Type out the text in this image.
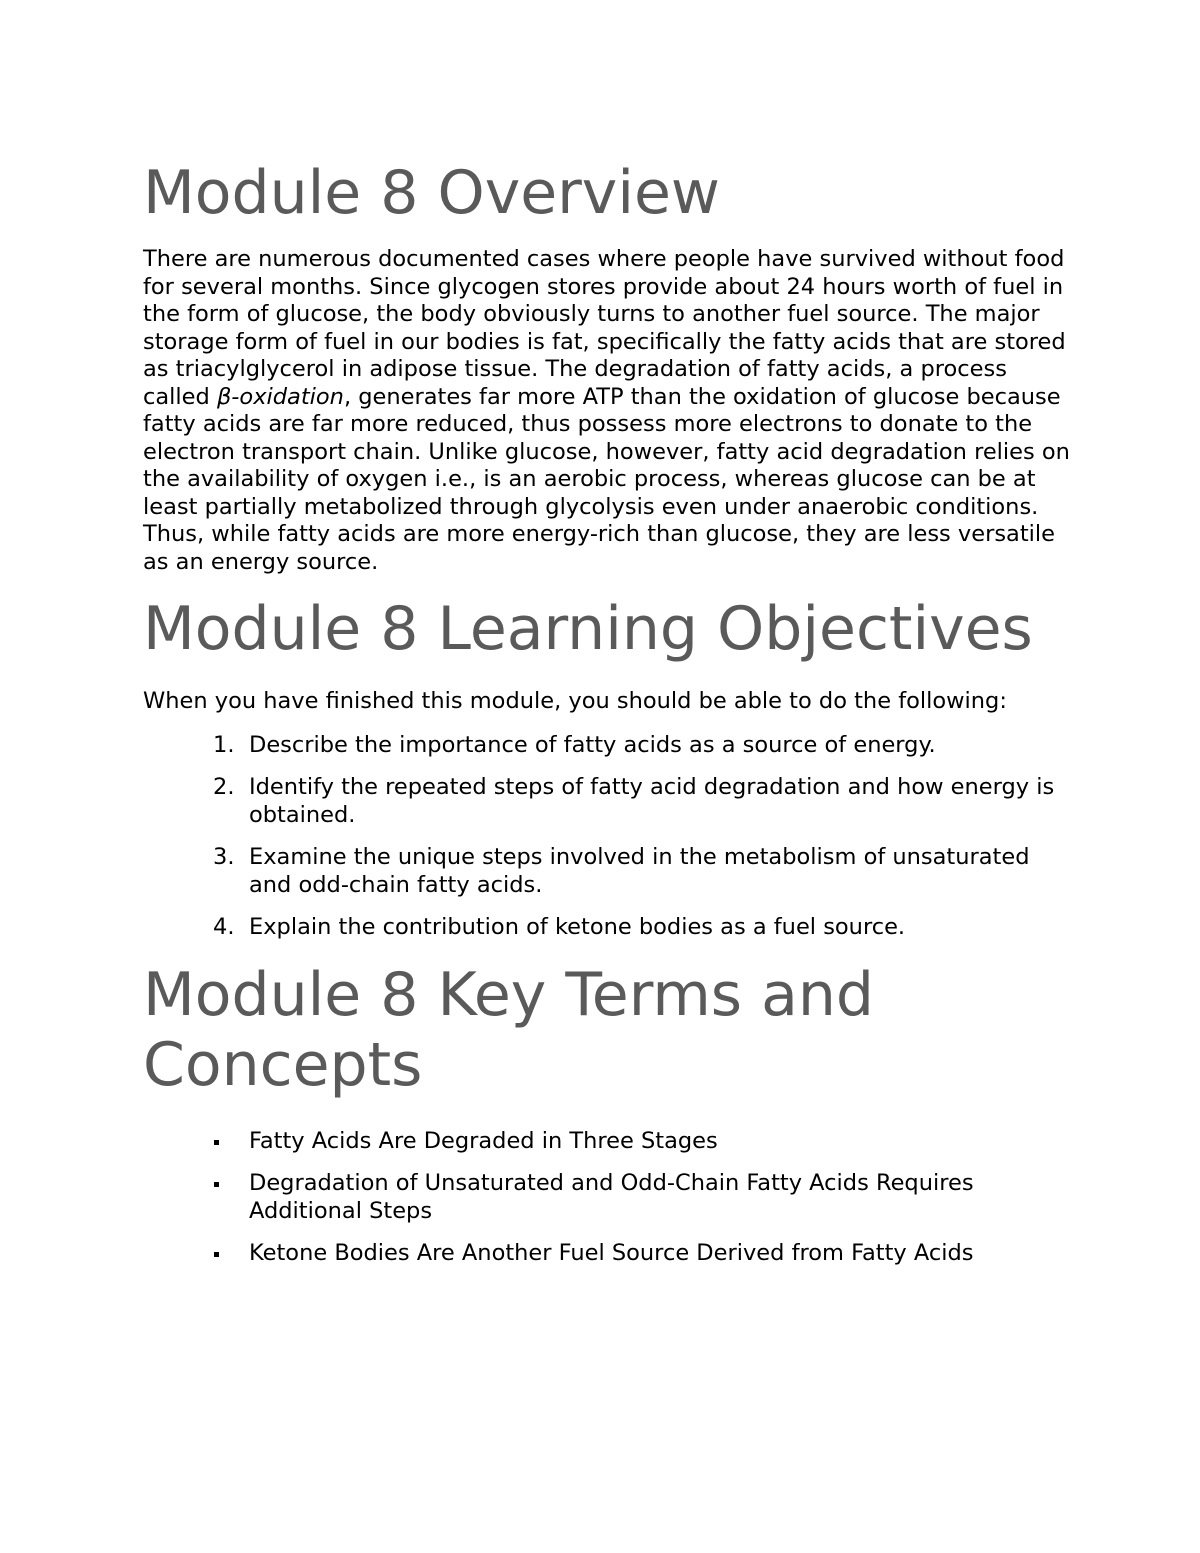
Module 8 Overview

There are numerous documented cases where people have survived without food for several months. Since glycogen stores provide about 24 hours worth of fuel in the form of glucose, the body obviously turns to another fuel source. The major storage form of fuel in our bodies is fat, specifically the fatty acids that are stored as triacylglycerol in adipose tissue. The degradation of fatty acids, a process called β-oxidation, generates far more ATP than the oxidation of glucose because fatty acids are far more reduced, thus possess more electrons to donate to the electron transport chain. Unlike glucose, however, fatty acid degradation relies on the availability of oxygen i.e., is an aerobic process, whereas glucose can be at least partially metabolized through glycolysis even under anaerobic conditions. Thus, while fatty acids are more energy-rich than glucose, they are less versatile as an energy source.

Module 8 Learning Objectives

When you have finished this module, you should be able to do the following:

1. Describe the importance of fatty acids as a source of energy.
2. Identify the repeated steps of fatty acid degradation and how energy is obtained.
3. Examine the unique steps involved in the metabolism of unsaturated and odd-chain fatty acids.
4. Explain the contribution of ketone bodies as a fuel source.
Module 8 Key Terms and Concepts
Fatty Acids Are Degraded in Three Stages
Degradation of Unsaturated and Odd-Chain Fatty Acids Requires Additional Steps
Ketone Bodies Are Another Fuel Source Derived from Fatty Acids
